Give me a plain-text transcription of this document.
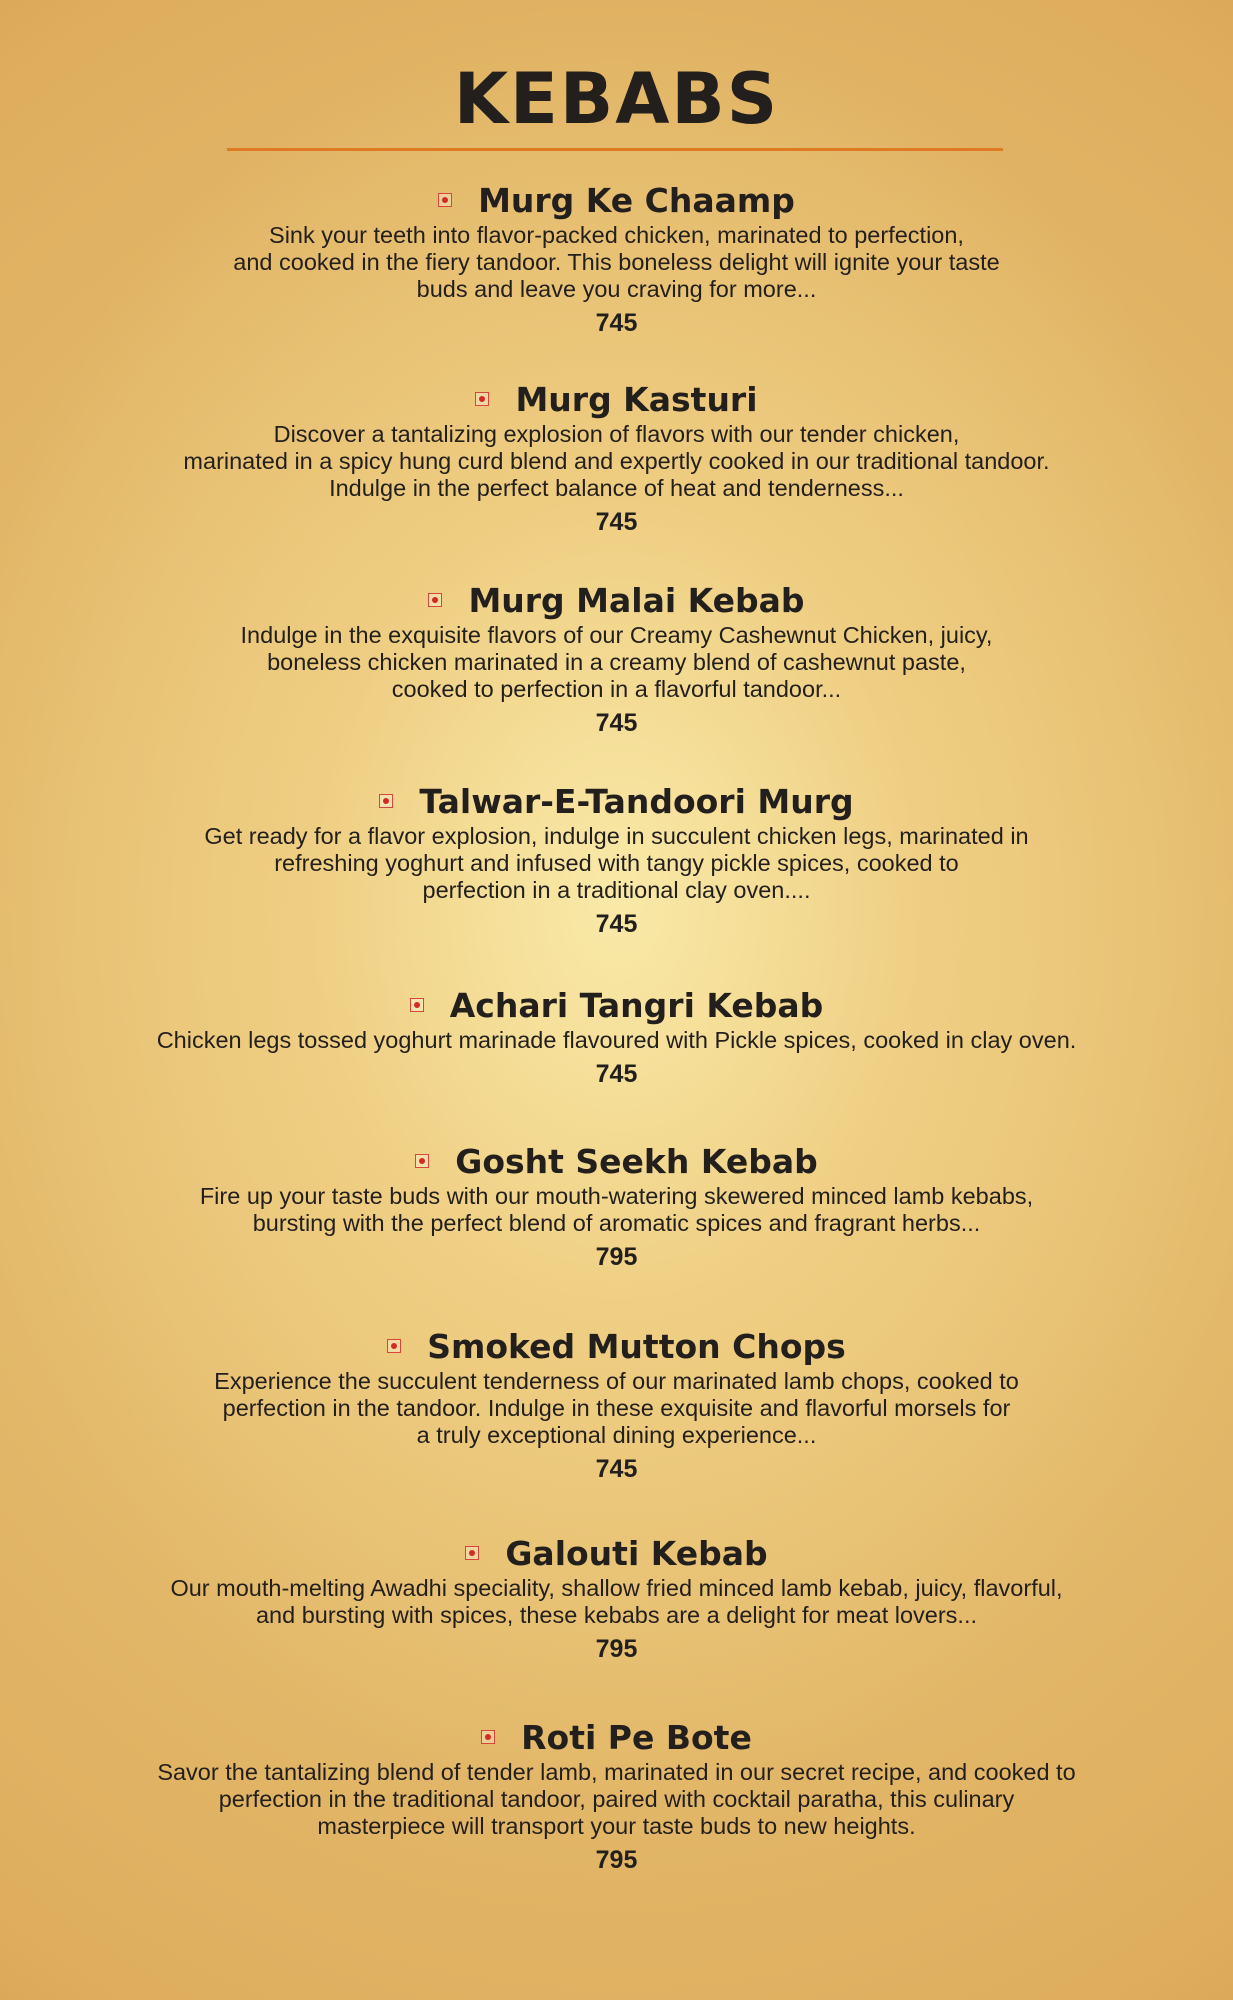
KEBABS
Murg Ke Chaamp
Sink your teeth into flavor-packed chicken, marinated to perfection,
and cooked in the fiery tandoor. This boneless delight will ignite your taste
buds and leave you craving for more...
745
Murg Kasturi
Discover a tantalizing explosion of flavors with our tender chicken,
marinated in a spicy hung curd blend and expertly cooked in our traditional tandoor.
Indulge in the perfect balance of heat and tenderness...
745
Murg Malai Kebab
Indulge in the exquisite flavors of our Creamy Cashewnut Chicken, juicy,
boneless chicken marinated in a creamy blend of cashewnut paste,
cooked to perfection in a flavorful tandoor...
745
Talwar-E-Tandoori Murg
Get ready for a flavor explosion, indulge in succulent chicken legs, marinated in
refreshing yoghurt and infused with tangy pickle spices, cooked to
perfection in a traditional clay oven....
745
Achari Tangri Kebab
Chicken legs tossed yoghurt marinade flavoured with Pickle spices, cooked in clay oven.
745
Gosht Seekh Kebab
Fire up your taste buds with our mouth-watering skewered minced lamb kebabs,
bursting with the perfect blend of aromatic spices and fragrant herbs...
795
Smoked Mutton Chops
Experience the succulent tenderness of our marinated lamb chops, cooked to
perfection in the tandoor. Indulge in these exquisite and flavorful morsels for
a truly exceptional dining experience...
745
Galouti Kebab
Our mouth-melting Awadhi speciality, shallow fried minced lamb kebab, juicy, flavorful,
and bursting with spices, these kebabs are a delight for meat lovers...
795
Roti Pe Bote
Savor the tantalizing blend of tender lamb, marinated in our secret recipe, and cooked to
perfection in the traditional tandoor, paired with cocktail paratha, this culinary
masterpiece will transport your taste buds to new heights.
795
